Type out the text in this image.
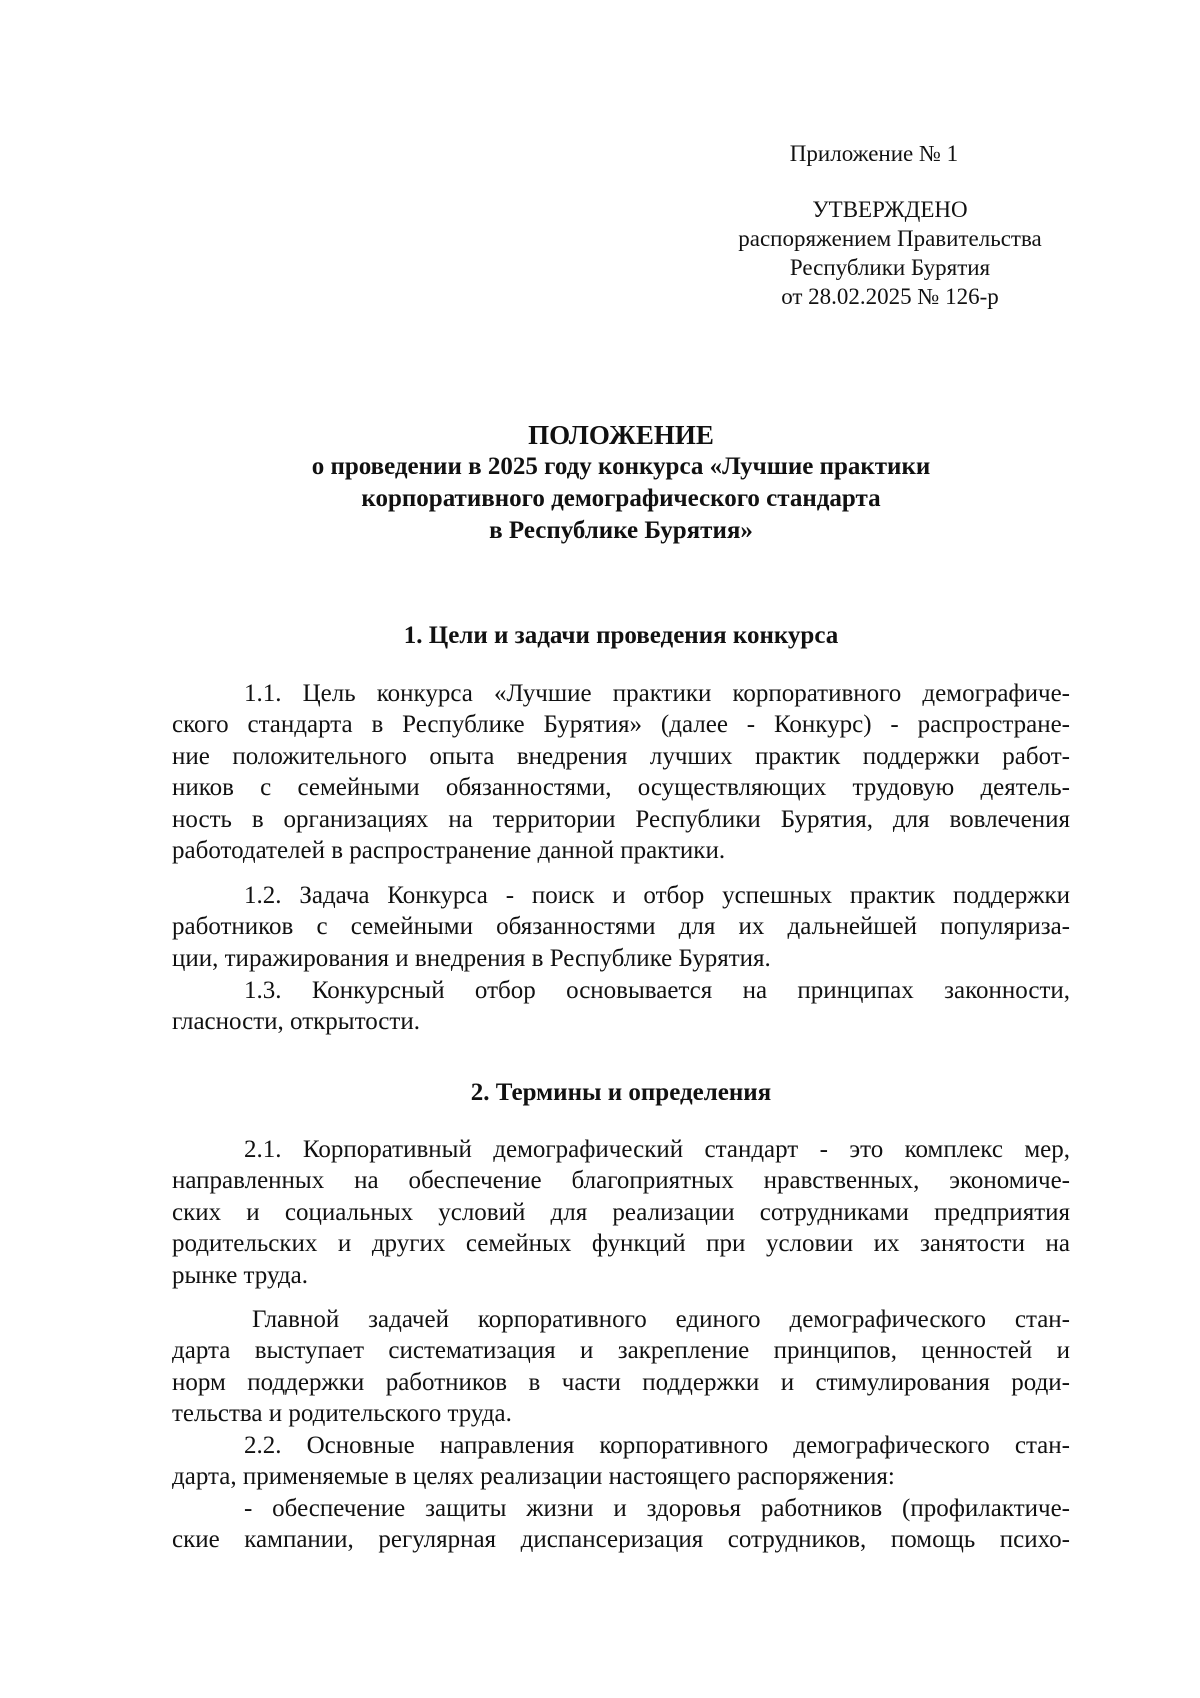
Приложение № 1
УТВЕРЖДЕНО
распоряжением Правительства
Республики Бурятия
от 28.02.2025 № 126-р
ПОЛОЖЕНИЕ
о проведении в 2025 году конкурса «Лучшие практики
корпоративного демографического стандарта
в Республике Бурятия»
1. Цели и задачи проведения конкурса
1.1. Цель конкурса «Лучшие практики корпоративного демографиче-
ского стандарта в Республике Бурятия» (далее - Конкурс) - распростране-
ние положительного опыта внедрения лучших практик поддержки работ-
ников с семейными обязанностями, осуществляющих трудовую деятель-
ность в организациях на территории Республики Бурятия, для вовлечения
работодателей в распространение данной практики.
1.2. Задача Конкурса - поиск и отбор успешных практик поддержки
работников с семейными обязанностями для их дальнейшей популяриза-
ции, тиражирования и внедрения в Республике Бурятия.
1.3. Конкурсный отбор основывается на принципах законности,
гласности, открытости.
2. Термины и определения
2.1. Корпоративный демографический стандарт - это комплекс мер,
направленных на обеспечение благоприятных нравственных, экономиче-
ских и социальных условий для реализации сотрудниками предприятия
родительских и других семейных функций при условии их занятости на
рынке труда.
Главной задачей корпоративного единого демографического стан-
дарта выступает систематизация и закрепление принципов, ценностей и
норм поддержки работников в части поддержки и стимулирования роди-
тельства и родительского труда.
2.2. Основные направления корпоративного демографического стан-
дарта, применяемые в целях реализации настоящего распоряжения:
- обеспечение защиты жизни и здоровья работников (профилактиче-
ские кампании, регулярная диспансеризация сотрудников, помощь психо-
